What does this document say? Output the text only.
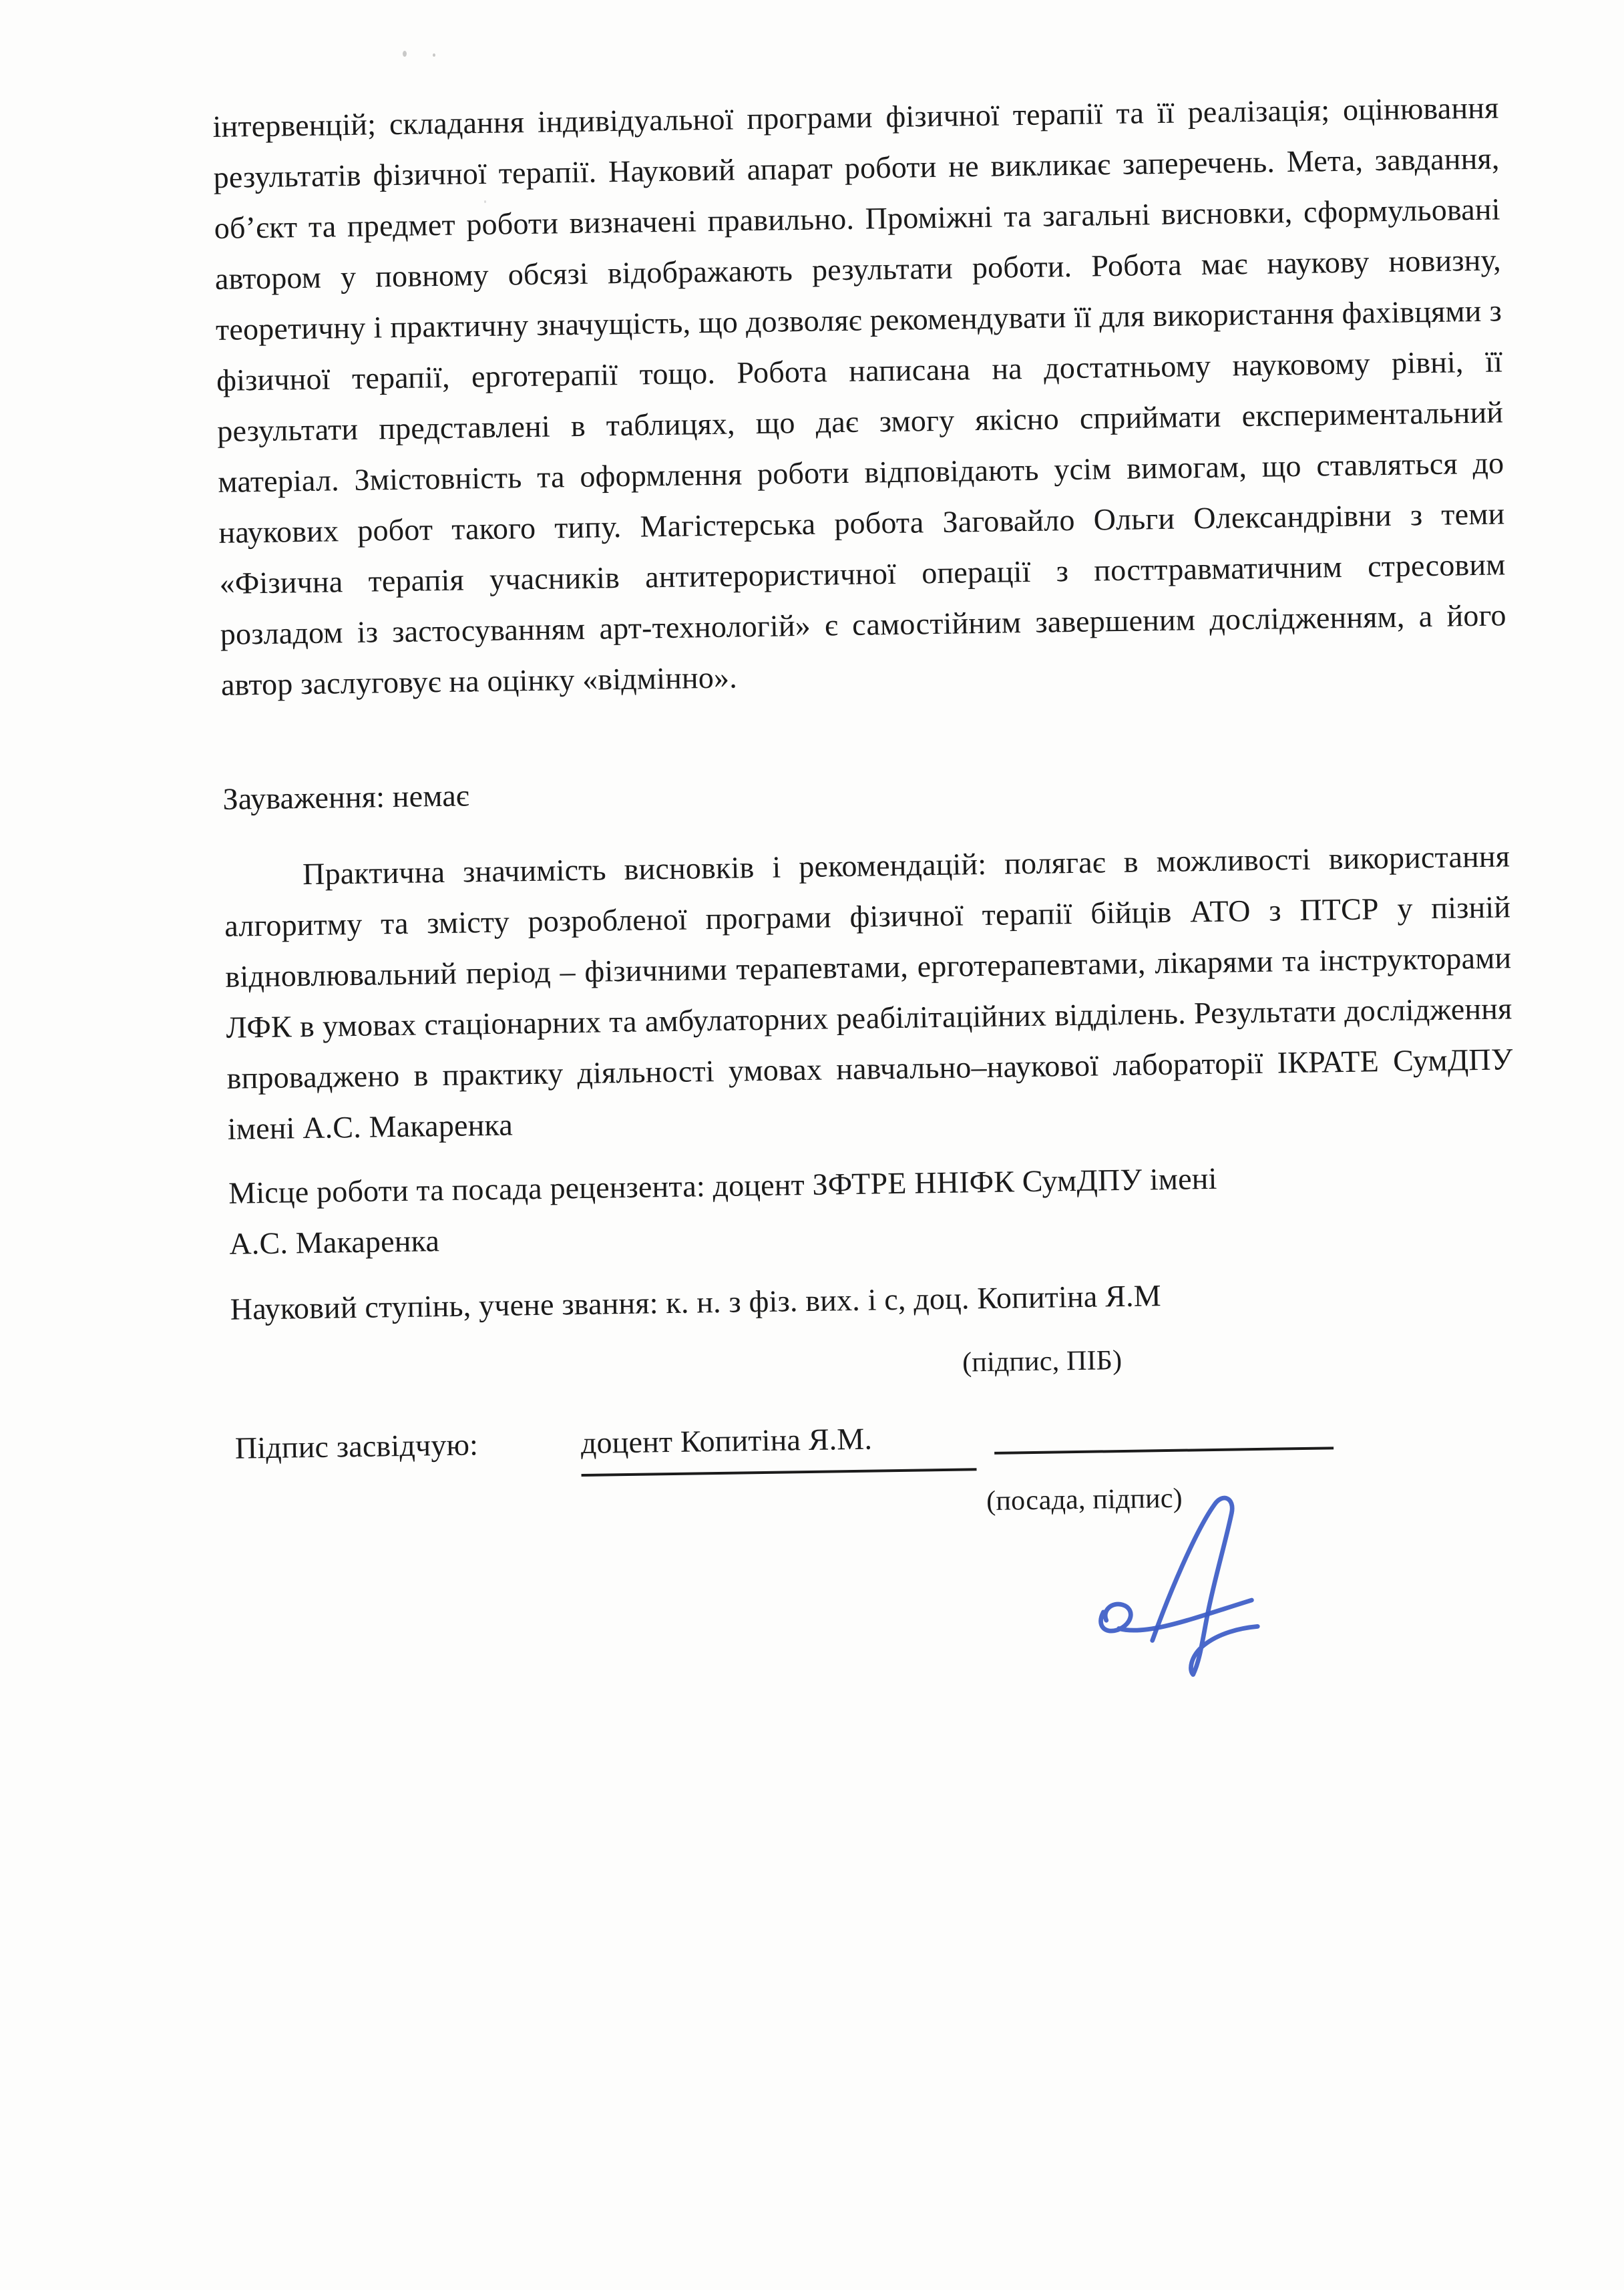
інтервенцій; складання індивідуальної програми фізичної терапії та її реалізація; оцінювання результатів фізичної терапії. Науковий апарат роботи не викликає заперечень. Мета, завдання, об’єкт та предмет роботи визначені правильно. Проміжні та загальні висновки, сформульовані автором у повному обсязі відображають результати роботи. Робота має наукову новизну, теоретичну і практичну значущість, що дозволяє рекомендувати її для використання фахівцями з фізичної терапії, ерготерапії тощо. Робота написана на достатньому науковому рівні, її результати представлені в таблицях, що дає змогу якісно сприймати експериментальний матеріал. Змістовність та оформлення роботи відповідають усім вимогам, що ставляться до наукових робот такого типу. Магістерська робота Заговайло Ольги Олександрівни з теми «Фізична терапія учасників антитерористичної операції з посттравматичним стресовим розладом із застосуванням арт-технологій» є самостійним завершеним дослідженням, а його автор заслуговує на оцінку «відмінно».

Зауваження: немає

Практична значимість висновків і рекомендацій: полягає в можливості використання алгоритму та змісту розробленої програми фізичної терапії бійців АТО з ПТСР у пізній відновлювальний період – фізичними терапевтами, ерготерапевтами, лікарями та інструкторами ЛФК в умовах стаціонарних та амбулаторних реабілітаційних відділень. Результати дослідження впроваджено в практику діяльності умовах навчально–наукової лабораторії ІКРАТЕ СумДПУ імені А.С. Макаренка

Місце роботи та посада рецензента: доцент ЗФТРЕ ННІФК СумДПУ імені
А.С. Макаренка
Науковий ступінь, учене звання: к. н. з фіз. вих. і с, доц. Копитіна Я.М
(підпис, ПІБ)
Підпис засвідчую:	доцент Копитіна Я.М.
(посада, підпис)
